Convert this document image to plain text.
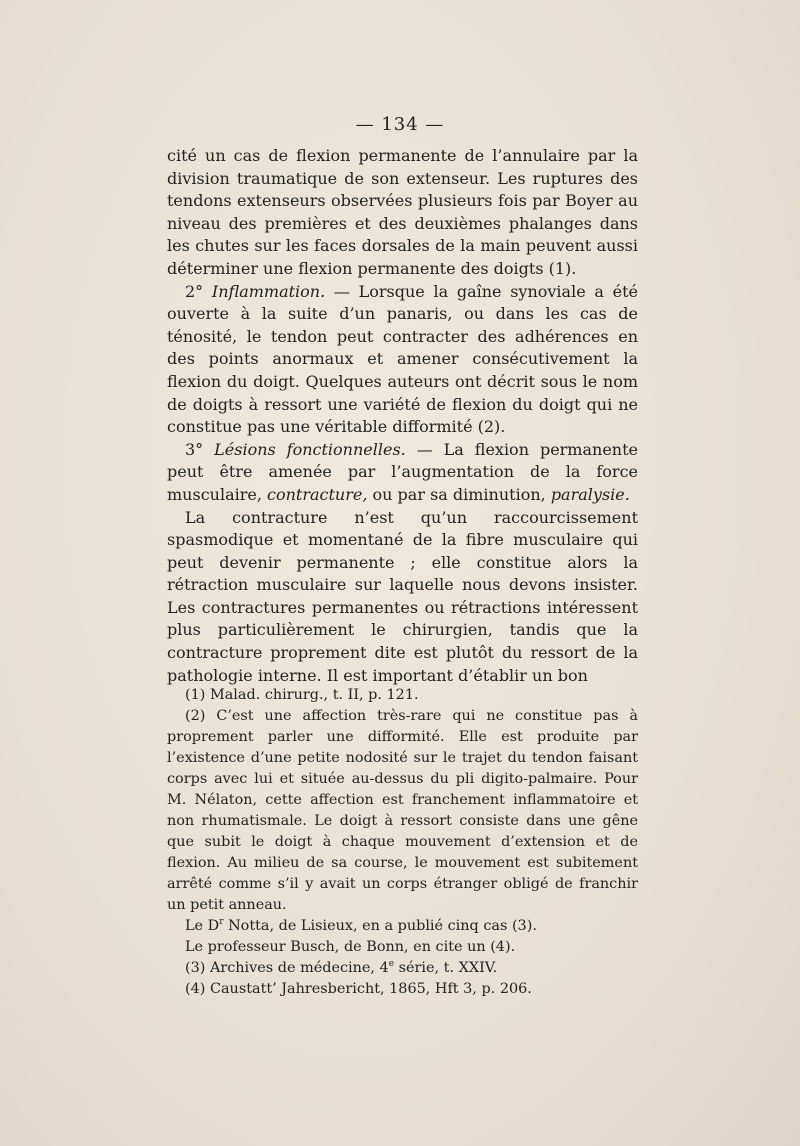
— 134 —

cité un cas de flexion permanente de l’annulaire par la division traumatique de son extenseur. Les ruptures des tendons extenseurs observées plusieurs fois par Boyer au niveau des premières et des deuxièmes phalanges dans les chutes sur les faces dorsales de la main peuvent aussi déterminer une flexion permanente des doigts (1).

2° Inflammation. — Lorsque la gaîne synoviale a été ouverte à la suite d’un panaris, ou dans les cas de ténosité, le tendon peut contracter des adhérences en des points anormaux et amener consécutivement la flexion du doigt. Quelques auteurs ont décrit sous le nom de doigts à ressort une variété de flexion du doigt qui ne constitue pas une véritable difformité (2).

3° Lésions fonctionnelles. — La flexion permanente peut être amenée par l’augmentation de la force musculaire, contracture, ou par sa diminution, paralysie.

La contracture n’est qu’un raccourcissement spasmodique et momentané de la fibre musculaire qui peut devenir permanente ; elle constitue alors la rétraction musculaire sur laquelle nous devons insister. Les contractures permanentes ou rétractions intéressent plus particulièrement le chirurgien, tandis que la contracture proprement dite est plutôt du ressort de la pathologie interne. Il est important d’établir un bon

(1) Malad. chirurg., t. II, p. 121.

(2) C’est une affection très-rare qui ne constitue pas à proprement parler une difformité. Elle est produite par l’existence d’une petite nodosité sur le trajet du tendon faisant corps avec lui et située au-dessus du pli digito-palmaire. Pour M. Nélaton, cette affection est franchement inflammatoire et non rhumatismale. Le doigt à ressort consiste dans une gêne que subit le doigt à chaque mouvement d’extension et de flexion. Au milieu de sa course, le mouvement est subitement arrêté comme s’il y avait un corps étranger obligé de franchir un petit anneau.

Le $D^r$ Notta, de Lisieux, en a publié cinq cas (3).

Le professeur Busch, de Bonn, en cite un (4).

(3) Archives de médecine, 4e série, t. XXIV.

(4) Caustatt’ Jahresbericht, 1865, Hft 3, p. 206.
